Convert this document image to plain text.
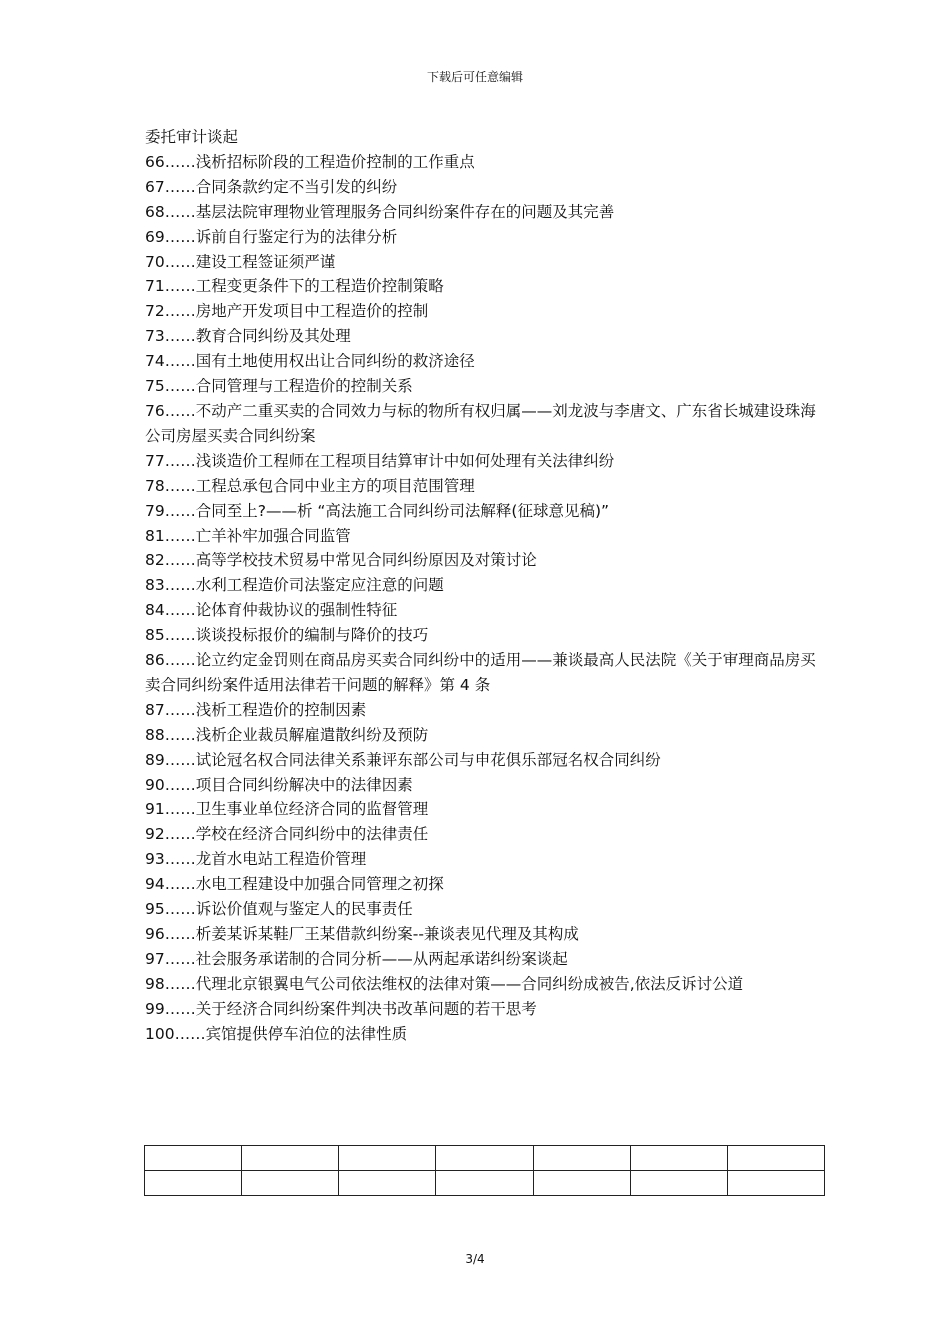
下载后可任意编辑

委托审计谈起

66……浅析招标阶段的工程造价控制的工作重点

67……合同条款约定不当引发的纠纷

68……基层法院审理物业管理服务合同纠纷案件存在的问题及其完善

69……诉前自行鉴定行为的法律分析

70……建设工程签证须严谨

71……工程变更条件下的工程造价控制策略

72……房地产开发项目中工程造价的控制

73……教育合同纠纷及其处理

74……国有土地使用权出让合同纠纷的救济途径

75……合同管理与工程造价的控制关系

76……不动产二重买卖的合同效力与标的物所有权归属——刘龙波与李唐文、广东省长城建设珠海公司房屋买卖合同纠纷案

77……浅谈造价工程师在工程项目结算审计中如何处理有关法律纠纷

78……工程总承包合同中业主方的项目范围管理

79……合同至上?——析 “高法施工合同纠纷司法解释(征球意见稿)”

81……亡羊补牢加强合同监管

82……高等学校技术贸易中常见合同纠纷原因及对策讨论

83……水利工程造价司法鉴定应注意的问题

84……论体育仲裁协议的强制性特征

85……谈谈投标报价的编制与降价的技巧

86……论立约定金罚则在商品房买卖合同纠纷中的适用——兼谈最高人民法院《关于审理商品房买卖合同纠纷案件适用法律若干问题的解释》第 4 条

87……浅析工程造价的控制因素

88……浅析企业裁员解雇遣散纠纷及预防

89……试论冠名权合同法律关系兼评东部公司与申花俱乐部冠名权合同纠纷

90……项目合同纠纷解决中的法律因素

91……卫生事业单位经济合同的监督管理

92……学校在经济合同纠纷中的法律责任

93……龙首水电站工程造价管理

94……水电工程建设中加强合同管理之初探

95……诉讼价值观与鉴定人的民事责任

96……析姜某诉某鞋厂王某借款纠纷案--兼谈表见代理及其构成

97……社会服务承诺制的合同分析——从两起承诺纠纷案谈起

98……代理北京银翼电气公司依法维权的法律对策——合同纠纷成被告,依法反诉讨公道

99……关于经济合同纠纷案件判决书改革问题的若干思考

100……宾馆提供停车泊位的法律性质

3/4
